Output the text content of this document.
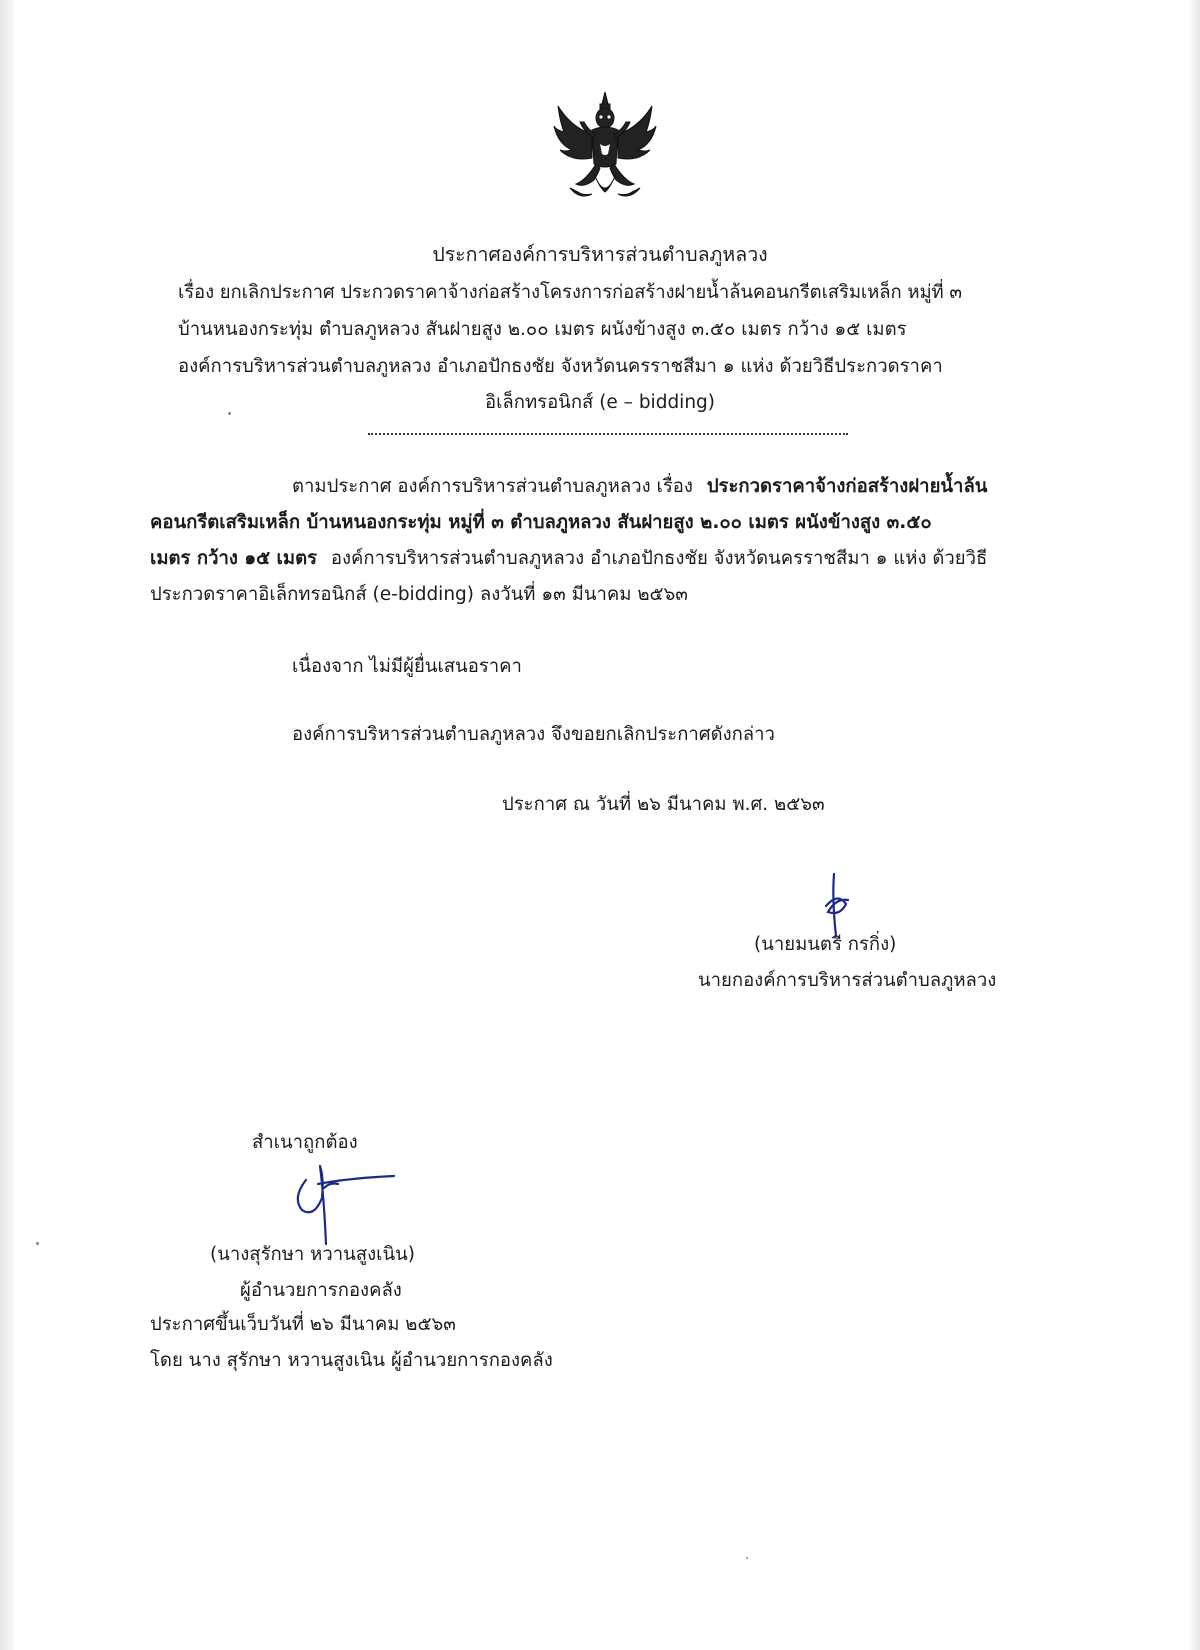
ประกาศองค์การบริหารส่วนตำบลภูหลวง
เรื่อง ยกเลิกประกาศ ประกวดราคาจ้างก่อสร้างโครงการก่อสร้างฝายน้ำล้นคอนกรีตเสริมเหล็ก หมู่ที่ ๓
บ้านหนองกระทุ่ม ตำบลภูหลวง สันฝายสูง ๒.๐๐ เมตร ผนังข้างสูง ๓.๕๐ เมตร กว้าง ๑๕ เมตร
องค์การบริหารส่วนตำบลภูหลวง อำเภอปักธงชัย จังหวัดนครราชสีมา ๑ แห่ง ด้วยวิธีประกวดราคา
อิเล็กทรอนิกส์ (e – bidding)
ตามประกาศ องค์การบริหารส่วนตำบลภูหลวง เรื่อง ประกวดราคาจ้างก่อสร้างฝายน้ำล้น
คอนกรีตเสริมเหล็ก บ้านหนองกระทุ่ม หมู่ที่ ๓ ตำบลภูหลวง สันฝายสูง ๒.๐๐ เมตร ผนังข้างสูง ๓.๕๐
เมตร กว้าง ๑๕ เมตร องค์การบริหารส่วนตำบลภูหลวง อำเภอปักธงชัย จังหวัดนครราชสีมา ๑ แห่ง ด้วยวิธี
ประกวดราคาอิเล็กทรอนิกส์ (e-bidding) ลงวันที่ ๑๓ มีนาคม ๒๕๖๓
เนื่องจาก ไม่มีผู้ยื่นเสนอราคา
องค์การบริหารส่วนตำบลภูหลวง จึงขอยกเลิกประกาศดังกล่าว
ประกาศ ณ วันที่ ๒๖ มีนาคม พ.ศ. ๒๕๖๓
(นายมนตรี กรกิ่ง)
นายกองค์การบริหารส่วนตำบลภูหลวง
สำเนาถูกต้อง
(นางสุรักษา หวานสูงเนิน)
ผู้อำนวยการกองคลัง
ประกาศขึ้นเว็บวันที่ ๒๖ มีนาคม ๒๕๖๓
โดย นาง สุรักษา หวานสูงเนิน ผู้อำนวยการกองคลัง
